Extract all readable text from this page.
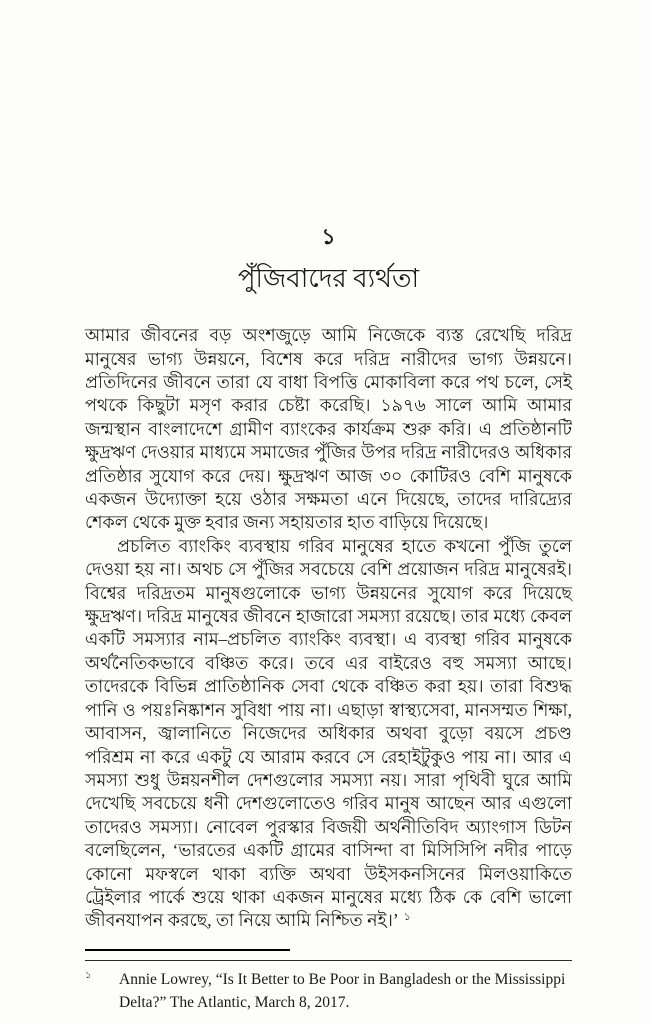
১
পুঁজিবাদের ব্যর্থতা

আমার জীবনের বড় অংশজুড়ে আমি নিজেকে ব্যস্ত রেখেছি দরিদ্র মানুষের ভাগ্য উন্নয়নে, বিশেষ করে দরিদ্র নারীদের ভাগ্য উন্নয়নে। প্রতিদিনের জীবনে তারা যে বাধা বিপত্তি মোকাবিলা করে পথ চলে, সেই পথকে কিছুটা মসৃণ করার চেষ্টা করেছি। ১৯৭৬ সালে আমি আমার জন্মস্থান বাংলাদেশে গ্রামীণ ব্যাংকের কার্যক্রম শুরু করি। এ প্রতিষ্ঠানটি ক্ষুদ্রঋণ দেওয়ার মাধ্যমে সমাজের পুঁজির উপর দরিদ্র নারীদেরও অধিকার প্রতিষ্ঠার সুযোগ করে দেয়। ক্ষুদ্রঋণ আজ ৩০ কোটিরও বেশি মানুষকে একজন উদ্যোক্তা হয়ে ওঠার সক্ষমতা এনে দিয়েছে, তাদের দারিদ্র্যের শেকল থেকে মুক্ত হবার জন্য সহায়তার হাত বাড়িয়ে দিয়েছে।

প্রচলিত ব্যাংকিং ব্যবস্থায় গরিব মানুষের হাতে কখনো পুঁজি তুলে দেওয়া হয় না। অথচ সে পুঁজির সবচেয়ে বেশি প্রয়োজন দরিদ্র মানুষেরই। বিশ্বের দরিদ্রতম মানুষগুলোকে ভাগ্য উন্নয়নের সুযোগ করে দিয়েছে ক্ষুদ্রঋণ। দরিদ্র মানুষের জীবনে হাজারো সমস্যা রয়েছে। তার মধ্যে কেবল একটি সমস্যার নাম–প্রচলিত ব্যাংকিং ব্যবস্থা। এ ব্যবস্থা গরিব মানুষকে অর্থনৈতিকভাবে বঞ্চিত করে। তবে এর বাইরেও বহু সমস্যা আছে। তাদেরকে বিভিন্ন প্রাতিষ্ঠানিক সেবা থেকে বঞ্চিত করা হয়। তারা বিশুদ্ধ পানি ও পয়ঃনিষ্কাশন সুবিধা পায় না। এছাড়া স্বাস্থ্যসেবা, মানসম্মত শিক্ষা, আবাসন, জ্বালানিতে নিজেদের অধিকার অথবা বুড়ো বয়সে প্রচণ্ড পরিশ্রম না করে একটু যে আরাম করবে সে রেহাইটুকুও পায় না। আর এ সমস্যা শুধু উন্নয়নশীল দেশগুলোর সমস্যা নয়। সারা পৃথিবী ঘুরে আমি দেখেছি সবচেয়ে ধনী দেশগুলোতেও গরিব মানুষ আছেন আর এগুলো তাদেরও সমস্যা। নোবেল পুরস্কার বিজয়ী অর্থনীতিবিদ অ্যাংগাস ডিটন বলেছিলেন, ‘ভারতের একটি গ্রামের বাসিন্দা বা মিসিসিপি নদীর পাড়ে কোনো মফস্বলে থাকা ব্যক্তি অথবা উইসকনসিনের মিলওয়াকিতে ট্রেইলার পার্কে শুয়ে থাকা একজন মানুষের মধ্যে ঠিক কে বেশি ভালো জীবনযাপন করছে, তা নিয়ে আমি নিশ্চিত নই।’ $^১$

১	Annie Lowrey, “Is It Better to Be Poor in Bangladesh or the Mississippi Delta?” The Atlantic, March 8, 2017.
